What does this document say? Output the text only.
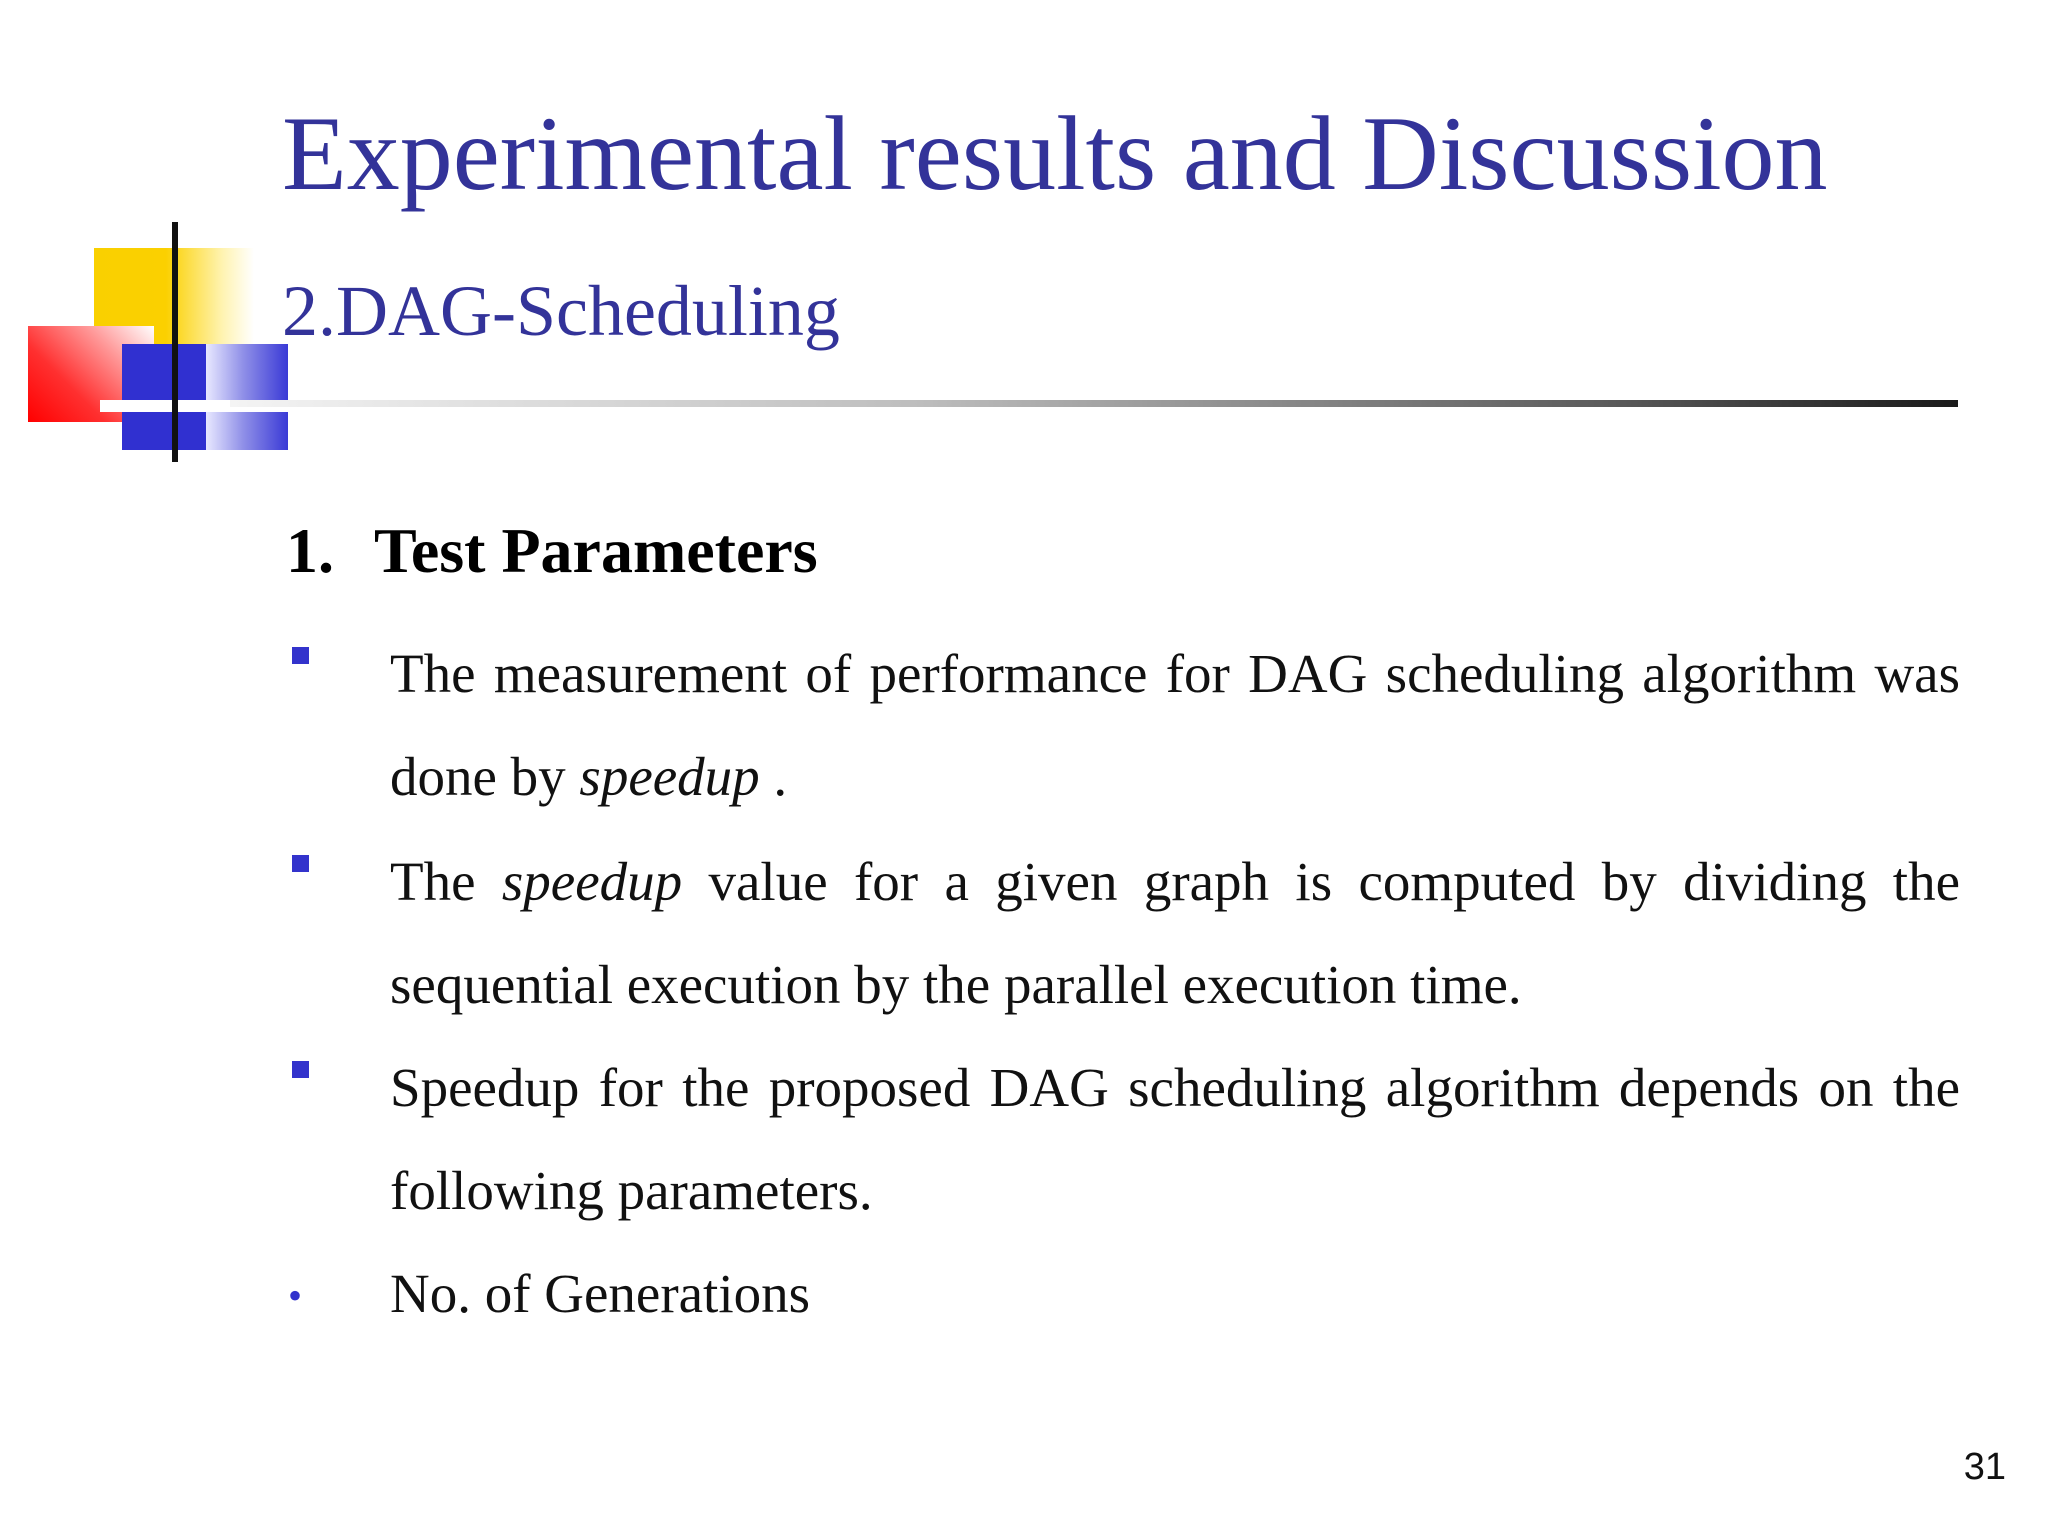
Experimental results and Discussion
2.DAG-Scheduling
1. Test Parameters
The measurement of performance for DAG scheduling algorithm was done by speedup .
The speedup value for a given graph is computed by dividing the sequential execution by the parallel execution time.
Speedup for the proposed DAG scheduling algorithm depends on the following parameters.
• No. of Generations
31
